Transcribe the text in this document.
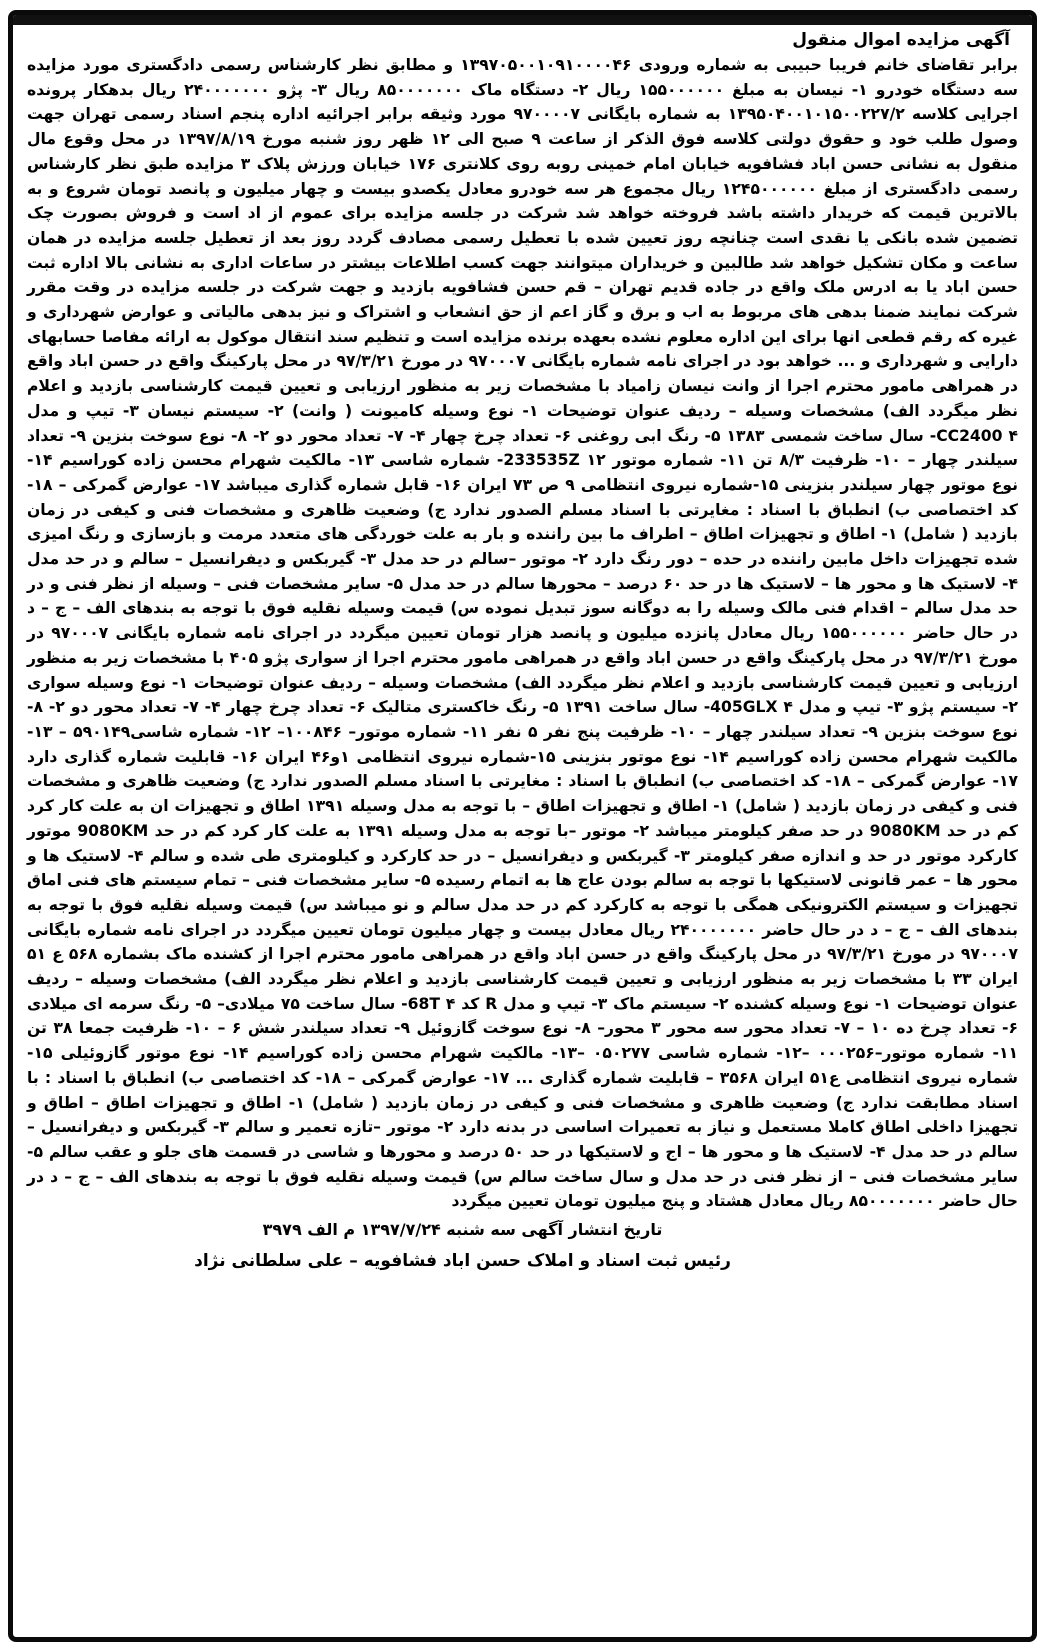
آگهی مزایده اموال منقول

برابر تقاضای خانم فریبا حبیبی به شماره ورودی ۱۳۹۷۰۵۰۰۱۰۹۱۰۰۰۰۴۶ و مطابق نظر کارشناس رسمی دادگستری مورد مزایده سه دستگاه خودرو ۱- نیسان به مبلغ ۱۵۵۰۰۰۰۰۰ ریال ۲- دستگاه ماک ۸۵۰۰۰۰۰۰۰ ریال ۳- پژو ۲۴۰۰۰۰۰۰۰ ریال بدهکار پرونده اجرایی کلاسه ۱۳۹۵۰۴۰۰۱۰۱۵۰۰۲۲۷/۲ به شماره بایگانی ۹۷۰۰۰۰۷ مورد وثیقه برابر اجرائیه اداره پنجم اسناد رسمی تهران جهت وصول طلب خود و حقوق دولتی کلاسه فوق الذکر از ساعت ۹ صبح الی ۱۲ ظهر روز شنبه مورخ ۱۳۹۷/۸/۱۹ در محل وقوع مال منقول به نشانی حسن اباد فشافویه خیابان امام خمینی روبه روی کلانتری ۱۷۶ خیابان ورزش پلاک ۳ مزایده طبق نظر کارشناس رسمی دادگستری از مبلغ ۱۲۴۵۰۰۰۰۰۰ ریال مجموع هر سه خودرو معادل یکصدو بیست و چهار میلیون و پانصد تومان شروع و به بالاترین قیمت که خریدار داشته باشد فروخته خواهد شد شرکت در جلسه مزایده برای عموم از اد است و فروش بصورت چک تضمین شده بانکی یا نقدی است چنانچه روز تعیین شده با تعطیل رسمی مصادف گردد روز بعد از تعطیل جلسه مزایده در همان ساعت و مکان تشکیل خواهد شد طالبین و خریداران میتوانند جهت کسب اطلاعات بیشتر در ساعات اداری به نشانی بالا اداره ثبت حسن اباد یا به ادرس ملک واقع در جاده قدیم تهران – قم حسن فشافویه بازدید و جهت شرکت در جلسه مزایده در وقت مقرر شرکت نمایند ضمنا بدهی های مربوط به اب و برق و گاز اعم از حق انشعاب و اشتراک و نیز بدهی مالیاتی و عوارض شهرداری و غیره که رقم قطعی انها برای این اداره معلوم نشده بعهده برنده مزایده است و تنظیم سند انتقال موکول به ارائه مفاصا حسابهای دارایی و شهرداری و ... خواهد بود در اجرای نامه شماره بایگانی ۹۷۰۰۰۷ در مورخ ۹۷/۳/۲۱ در محل پارکینگ واقع در حسن اباد واقع در همراهی مامور محترم اجرا از وانت نیسان زامیاد با مشخصات زیر به منظور ارزیابی و تعیین قیمت کارشناسی بازدید و اعلام نظر میگردد الف) مشخصات وسیله – ردیف عنوان توضیحات ۱- نوع وسیله کامیونت ( وانت) ۲- سیستم نیسان ۳- تیپ و مدل CC2400 ۴- سال ساخت شمسی ۱۳۸۳ ۵- رنگ ابی روغنی ۶- تعداد چرخ چهار ۴- ۷- تعداد محور دو ۲- ۸- نوع سوخت بنزین ۹- تعداد سیلندر چهار – ۱۰- ظرفیت ۸/۳ تن ۱۱- شماره موتور 233535Z ۱۲- شماره شاسی ۱۳- مالکیت شهرام محسن زاده کوراسیم ۱۴- نوع موتور چهار سیلندر بنزینی ۱۵-شماره نیروی انتظامی ۹ ص ۷۳ ایران ۱۶- قابل شماره گذاری میباشد ۱۷- عوارض گمرکی – ۱۸- کد اختصاصی ب) انطباق با اسناد : مغایرتی با اسناد مسلم الصدور ندارد ج) وضعیت ظاهری و مشخصات فنی و کیفی در زمان بازدید ( شامل) ۱- اطاق و تجهیزات اطاق – اطراف ما بین راننده و بار به علت خوردگی های متعدد مرمت و بازسازی و رنگ امیزی شده تجهیزات داخل مابین راننده در حده – دور رنگ دارد ۲- موتور –سالم در حد مدل ۳- گیربکس و دیفرانسیل – سالم و در حد مدل ۴- لاستیک ها و محور ها – لاستیک ها در حد ۶۰ درصد – محورها سالم در حد مدل ۵- سایر مشخصات فنی – وسیله از نظر فنی و در حد مدل سالم – اقدام فنی مالک وسیله را به دوگانه سوز تبدیل نموده س) قیمت وسیله نقلیه فوق با توجه به بندهای الف – ج – د در حال حاضر ۱۵۵۰۰۰۰۰۰ ریال معادل پانزده میلیون و پانصد هزار تومان تعیین میگردد در اجرای نامه شماره بایگانی ۹۷۰۰۰۷ در مورخ ۹۷/۳/۲۱ در محل پارکینگ واقع در حسن اباد واقع در همراهی مامور محترم اجرا از سواری پژو ۴۰۵ با مشخصات زیر به منظور ارزیابی و تعیین قیمت کارشناسی بازدید و اعلام نظر میگردد الف) مشخصات وسیله – ردیف عنوان توضیحات ۱- نوع وسیله سواری ۲- سیستم پژو ۳- تیپ و مدل 405GLX ۴- سال ساخت ۱۳۹۱ ۵- رنگ خاکستری متالیک ۶- تعداد چرخ چهار ۴- ۷- تعداد محور دو ۲- ۸- نوع سوخت بنزین ۹- تعداد سیلندر چهار – ۱۰- ظرفیت پنج نفر ۵ نفر ۱۱- شماره موتور– ۱۰۰۸۴۶– ۱۲- شماره شاسی۵۹۰۱۴۹ – ۱۳- مالکیت شهرام محسن زاده کوراسیم ۱۴- نوع موتور بنزینی ۱۵-شماره نیروی انتظامی ۱و۴۶ ایران ۱۶- قابلیت شماره گذاری دارد ۱۷- عوارض گمرکی – ۱۸- کد اختصاصی ب) انطباق با اسناد : مغایرتی با اسناد مسلم الصدور ندارد ج) وضعیت ظاهری و مشخصات فنی و کیفی در زمان بازدید ( شامل) ۱- اطاق و تجهیزات اطاق – با توجه به مدل وسیله ۱۳۹۱ اطاق و تجهیزات ان به علت کار کرد کم در حد 9080KM در حد صفر کیلومتر میباشد ۲- موتور –با توجه به مدل وسیله ۱۳۹۱ به علت کار کرد کم در حد 9080KM موتور کارکرد موتور در حد و اندازه صفر کیلومتر ۳- گیربکس و دیفرانسیل – در حد کارکرد و کیلومتری طی شده و سالم ۴- لاستیک ها و محور ها – عمر قانونی لاستیکها با توجه به سالم بودن عاج ها به اتمام رسیده ۵- سایر مشخصات فنی – تمام سیستم های فنی اماق تجهیزات و سیستم الکترونیکی همگی با توجه به کارکرد کم در حد مدل سالم و نو میباشد س) قیمت وسیله نقلیه فوق با توجه به بندهای الف – ج – د در حال حاضر ۲۴۰۰۰۰۰۰۰ ریال معادل بیست و چهار میلیون تومان تعیین میگردد در اجرای نامه شماره بایگانی ۹۷۰۰۰۷ در مورخ ۹۷/۳/۲۱ در محل پارکینگ واقع در حسن اباد واقع در همراهی مامور محترم اجرا از کشنده ماک بشماره ۵۶۸ ع ۵۱ ایران ۳۳ با مشخصات زیر به منظور ارزیابی و تعیین قیمت کارشناسی بازدید و اعلام نظر میگردد الف) مشخصات وسیله – ردیف عنوان توضیحات ۱- نوع وسیله کشنده ۲- سیستم ماک ۳- تیپ و مدل R کد 68T ۴- سال ساخت ۷۵ میلادی– ۵- رنگ سرمه ای میلادی ۶- تعداد چرخ ده ۱۰ – ۷- تعداد محور سه محور ۳ محور– ۸- نوع سوخت گازوئیل ۹- تعداد سیلندر شش ۶ – ۱۰- ظرفیت جمعا ۳۸ تن ۱۱- شماره موتور–۰۰۰۲۵۶ –۱۲- شماره شاسی ۰۵۰۲۷۷ –۱۳- مالکیت شهرام محسن زاده کوراسیم ۱۴- نوع موتور گازوئیلی ۱۵-شماره نیروی انتظامی ع۵۱ ایران ۳۵۶۸ – قابلیت شماره گذاری ... ۱۷- عوارض گمرکی – ۱۸- کد اختصاصی ب) انطباق با اسناد : با اسناد مطابقت ندارد ج) وضعیت ظاهری و مشخصات فنی و کیفی در زمان بازدید ( شامل) ۱- اطاق و تجهیزات اطاق – اطاق و تجهیزا داخلی اطاق کاملا مستعمل و نیاز به تعمیرات اساسی در بدنه دارد ۲- موتور –تازه تعمیر و سالم ۳- گیربکس و دیفرانسیل – سالم در حد مدل ۴- لاستیک ها و محور ها – اج و لاستیکها در حد ۵۰ درصد و محورها و شاسی در قسمت های جلو و عقب سالم ۵- سایر مشخصات فنی – از نظر فنی در حد مدل و سال ساخت سالم س) قیمت وسیله نقلیه فوق با توجه به بندهای الف – ج – د در حال حاضر ۸۵۰۰۰۰۰۰۰ ریال معادل هشتاد و پنج میلیون تومان تعیین میگردد

تاریخ انتشار آگهی سه شنبه ۱۳۹۷/۷/۲۴ م الف ۳۹۷۹
رئیس ثبت اسناد و املاک حسن اباد فشافویه – علی سلطانی نژاد
